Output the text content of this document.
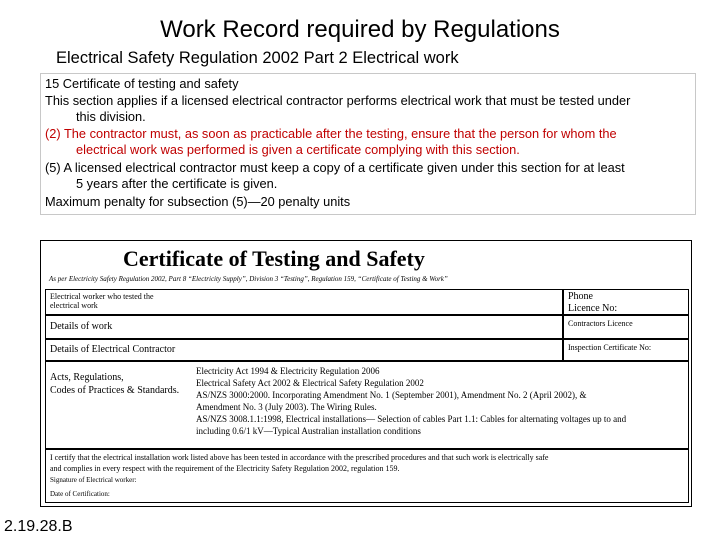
Work Record required by Regulations
Electrical Safety Regulation 2002 Part 2 Electrical work
15 Certificate of testing and safety
This section applies if a licensed electrical contractor performs electrical work that must be tested under
this division.
(2) The contractor must, as soon as practicable after the testing, ensure that the person for whom the
electrical work was performed is given a certificate complying with this section.
(5) A licensed electrical contractor must keep a copy of a certificate given under this section for at least
5 years after the certificate is given.
Maximum penalty for subsection (5)—20 penalty units
Certificate of Testing and Safety
As per Electricity Safety Regulation 2002, Part 8 “Electricity Supply”, Division 3 “Testing”, Regulation 159, “Certificate of Testing & Work”
Electrical worker who tested the
electrical work
Phone
Licence No:
Details of work	Contractors Licence
Details of Electrical Contractor	Inspection Certificate No:
Acts, Regulations,
Codes of Practices & Standards.
Electricity Act 1994 & Electricity Regulation 2006
Electrical Safety Act 2002 & Electrical Safety Regulation 2002
AS/NZS 3000:2000. Incorporating Amendment No. 1 (September 2001), Amendment No. 2 (April 2002), &
Amendment No. 3 (July 2003). The Wiring Rules.
AS/NZS 3008.1.1:1998, Electrical installations— Selection of cables Part 1.1: Cables for alternating voltages up to and
including 0.6/1 kV—Typical Australian installation conditions
I certify that the electrical installation work listed above has been tested in accordance with the prescribed procedures and that such work is electrically safe
and complies in every respect with the requirement of the Electricity Safety Regulation 2002, regulation 159.
Signature of Electrical worker:
Date of Certification:
2.19.28.B
